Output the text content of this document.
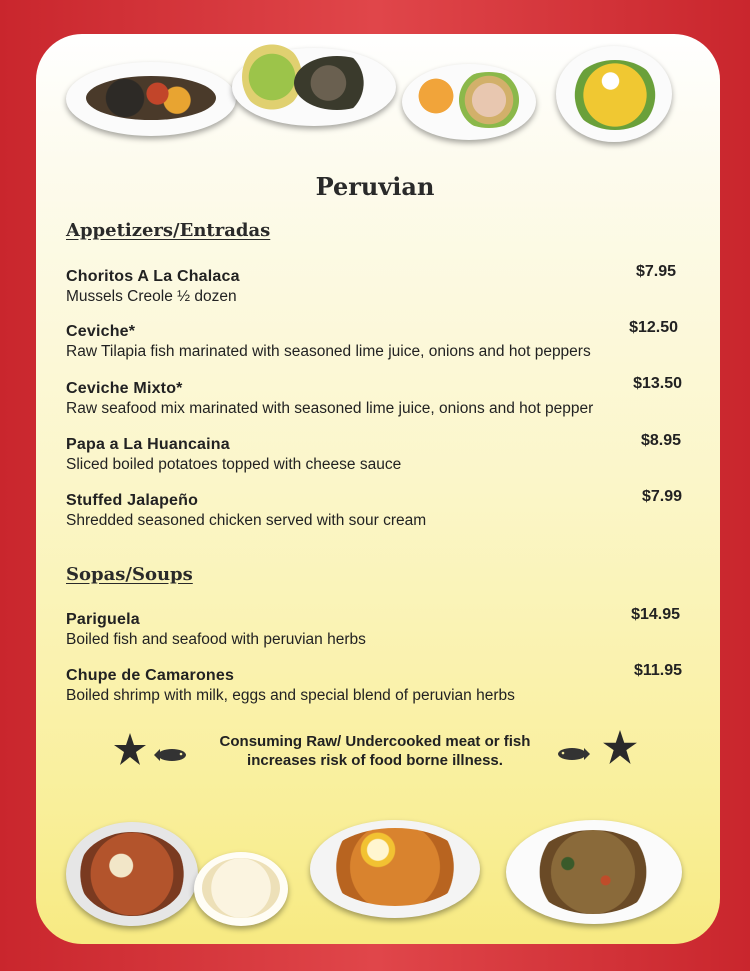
Peruvian
Appetizers/Entradas
Choritos A La Chalaca
Mussels Creole ½ dozen
$7.95
Ceviche*
Raw Tilapia fish marinated with seasoned lime juice, onions and hot peppers
$12.50
Ceviche Mixto*
Raw seafood mix marinated with seasoned lime juice, onions and hot pepper
$13.50
Papa a La Huancaina
Sliced boiled potatoes topped with cheese sauce
$8.95
Stuffed Jalapeño
Shredded seasoned chicken served with sour cream
$7.99
Sopas/Soups
Pariguela
Boiled fish and seafood with peruvian herbs
$14.95
Chupe de Camarones
Boiled shrimp with milk, eggs and special blend of peruvian herbs
$11.95
Consuming Raw/ Undercooked meat or fish
increases risk of food borne illness.
